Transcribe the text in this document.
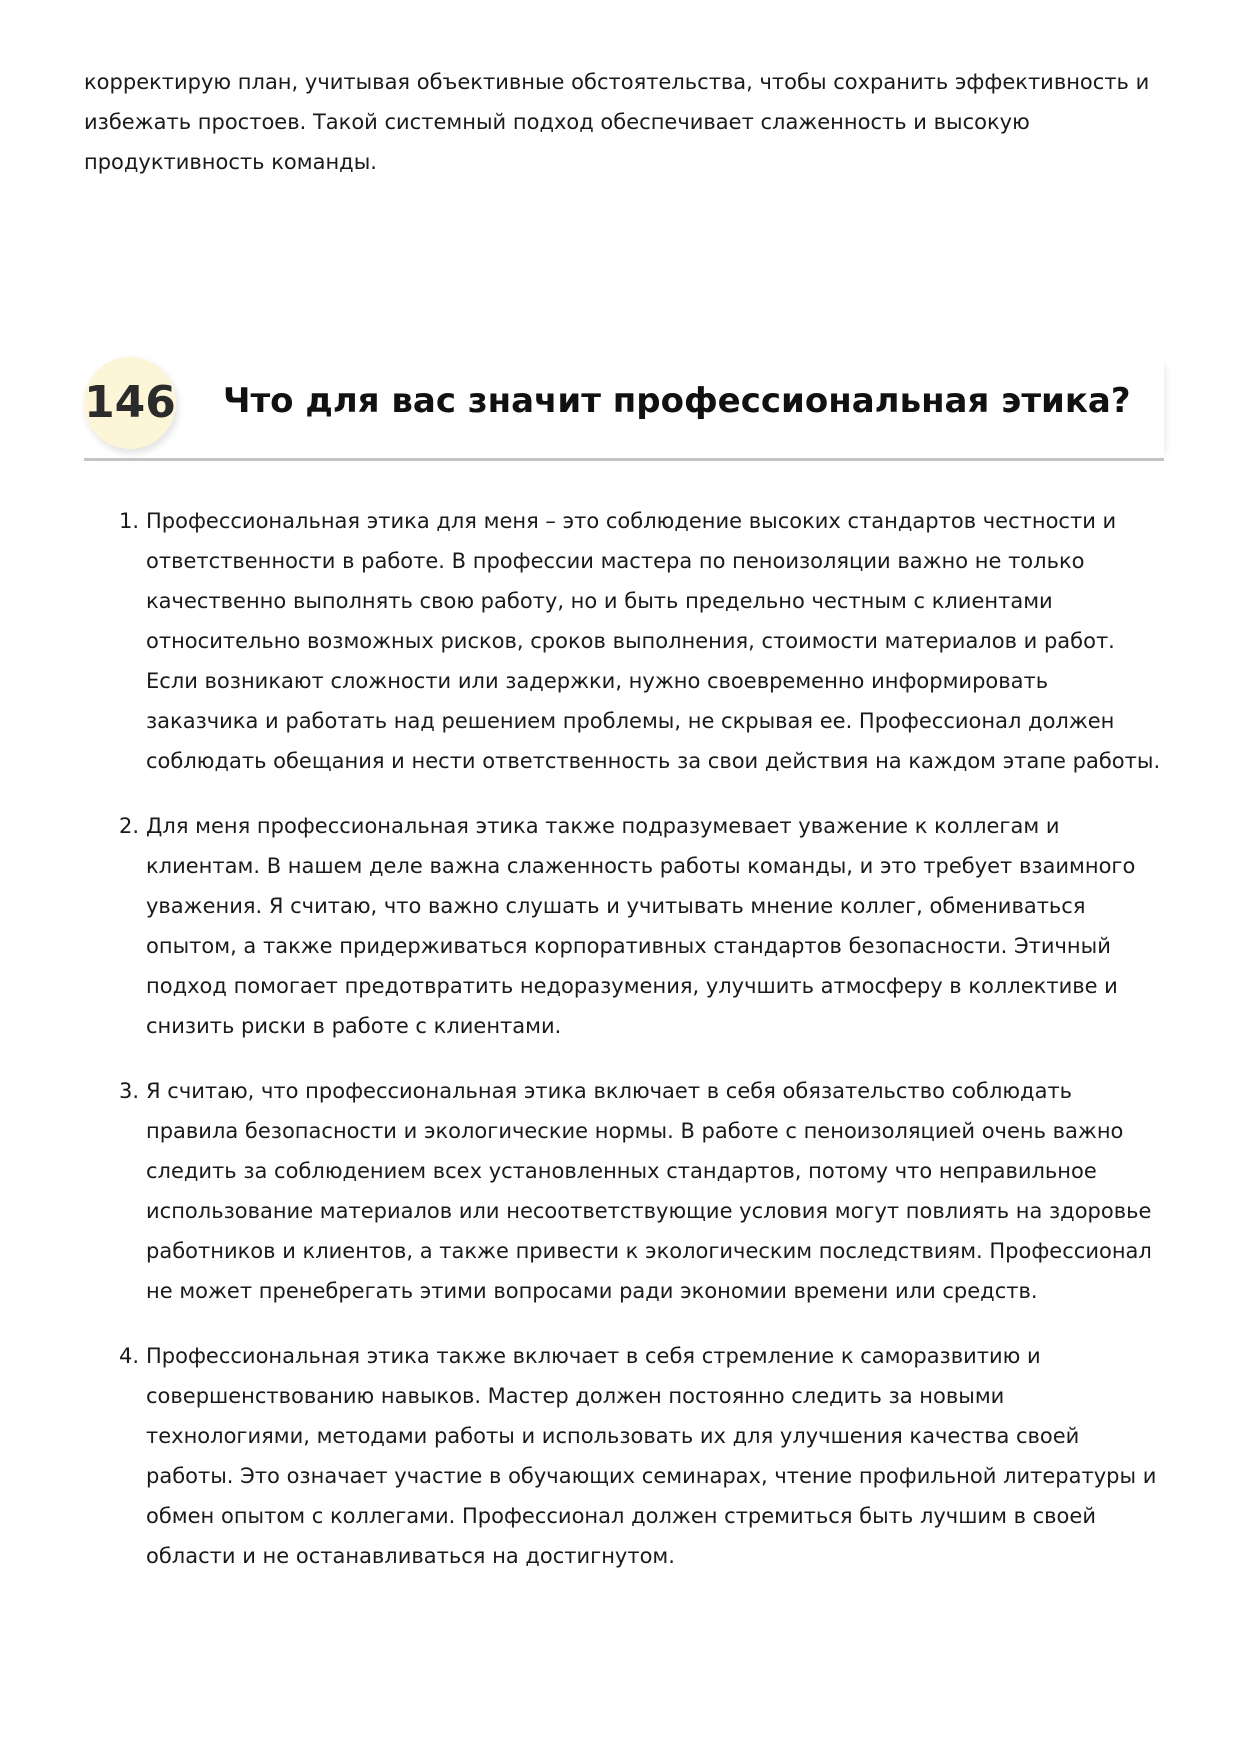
корректирую план, учитывая объективные обстоятельства, чтобы сохранить эффективность и избежать простоев. Такой системный подход обеспечивает слаженность и высокую продуктивность команды.

146 Что для вас значит профессиональная этика?
1. Профессиональная этика для меня – это соблюдение высоких стандартов честности и ответственности в работе. В профессии мастера по пеноизоляции важно не только качественно выполнять свою работу, но и быть предельно честным с клиентами относительно возможных рисков, сроков выполнения, стоимости материалов и работ. Если возникают сложности или задержки, нужно своевременно информировать заказчика и работать над решением проблемы, не скрывая ее. Профессионал должен соблюдать обещания и нести ответственность за свои действия на каждом этапе работы.
2. Для меня профессиональная этика также подразумевает уважение к коллегам и клиентам. В нашем деле важна слаженность работы команды, и это требует взаимного уважения. Я считаю, что важно слушать и учитывать мнение коллег, обмениваться опытом, а также придерживаться корпоративных стандартов безопасности. Этичный подход помогает предотвратить недоразумения, улучшить атмосферу в коллективе и снизить риски в работе с клиентами.
3. Я считаю, что профессиональная этика включает в себя обязательство соблюдать правила безопасности и экологические нормы. В работе с пеноизоляцией очень важно следить за соблюдением всех установленных стандартов, потому что неправильное использование материалов или несоответствующие условия могут повлиять на здоровье работников и клиентов, а также привести к экологическим последствиям. Профессионал не может пренебрегать этими вопросами ради экономии времени или средств.
4. Профессиональная этика также включает в себя стремление к саморазвитию и совершенствованию навыков. Мастер должен постоянно следить за новыми технологиями, методами работы и использовать их для улучшения качества своей работы. Это означает участие в обучающих семинарах, чтение профильной литературы и обмен опытом с коллегами. Профессионал должен стремиться быть лучшим в своей области и не останавливаться на достигнутом.
